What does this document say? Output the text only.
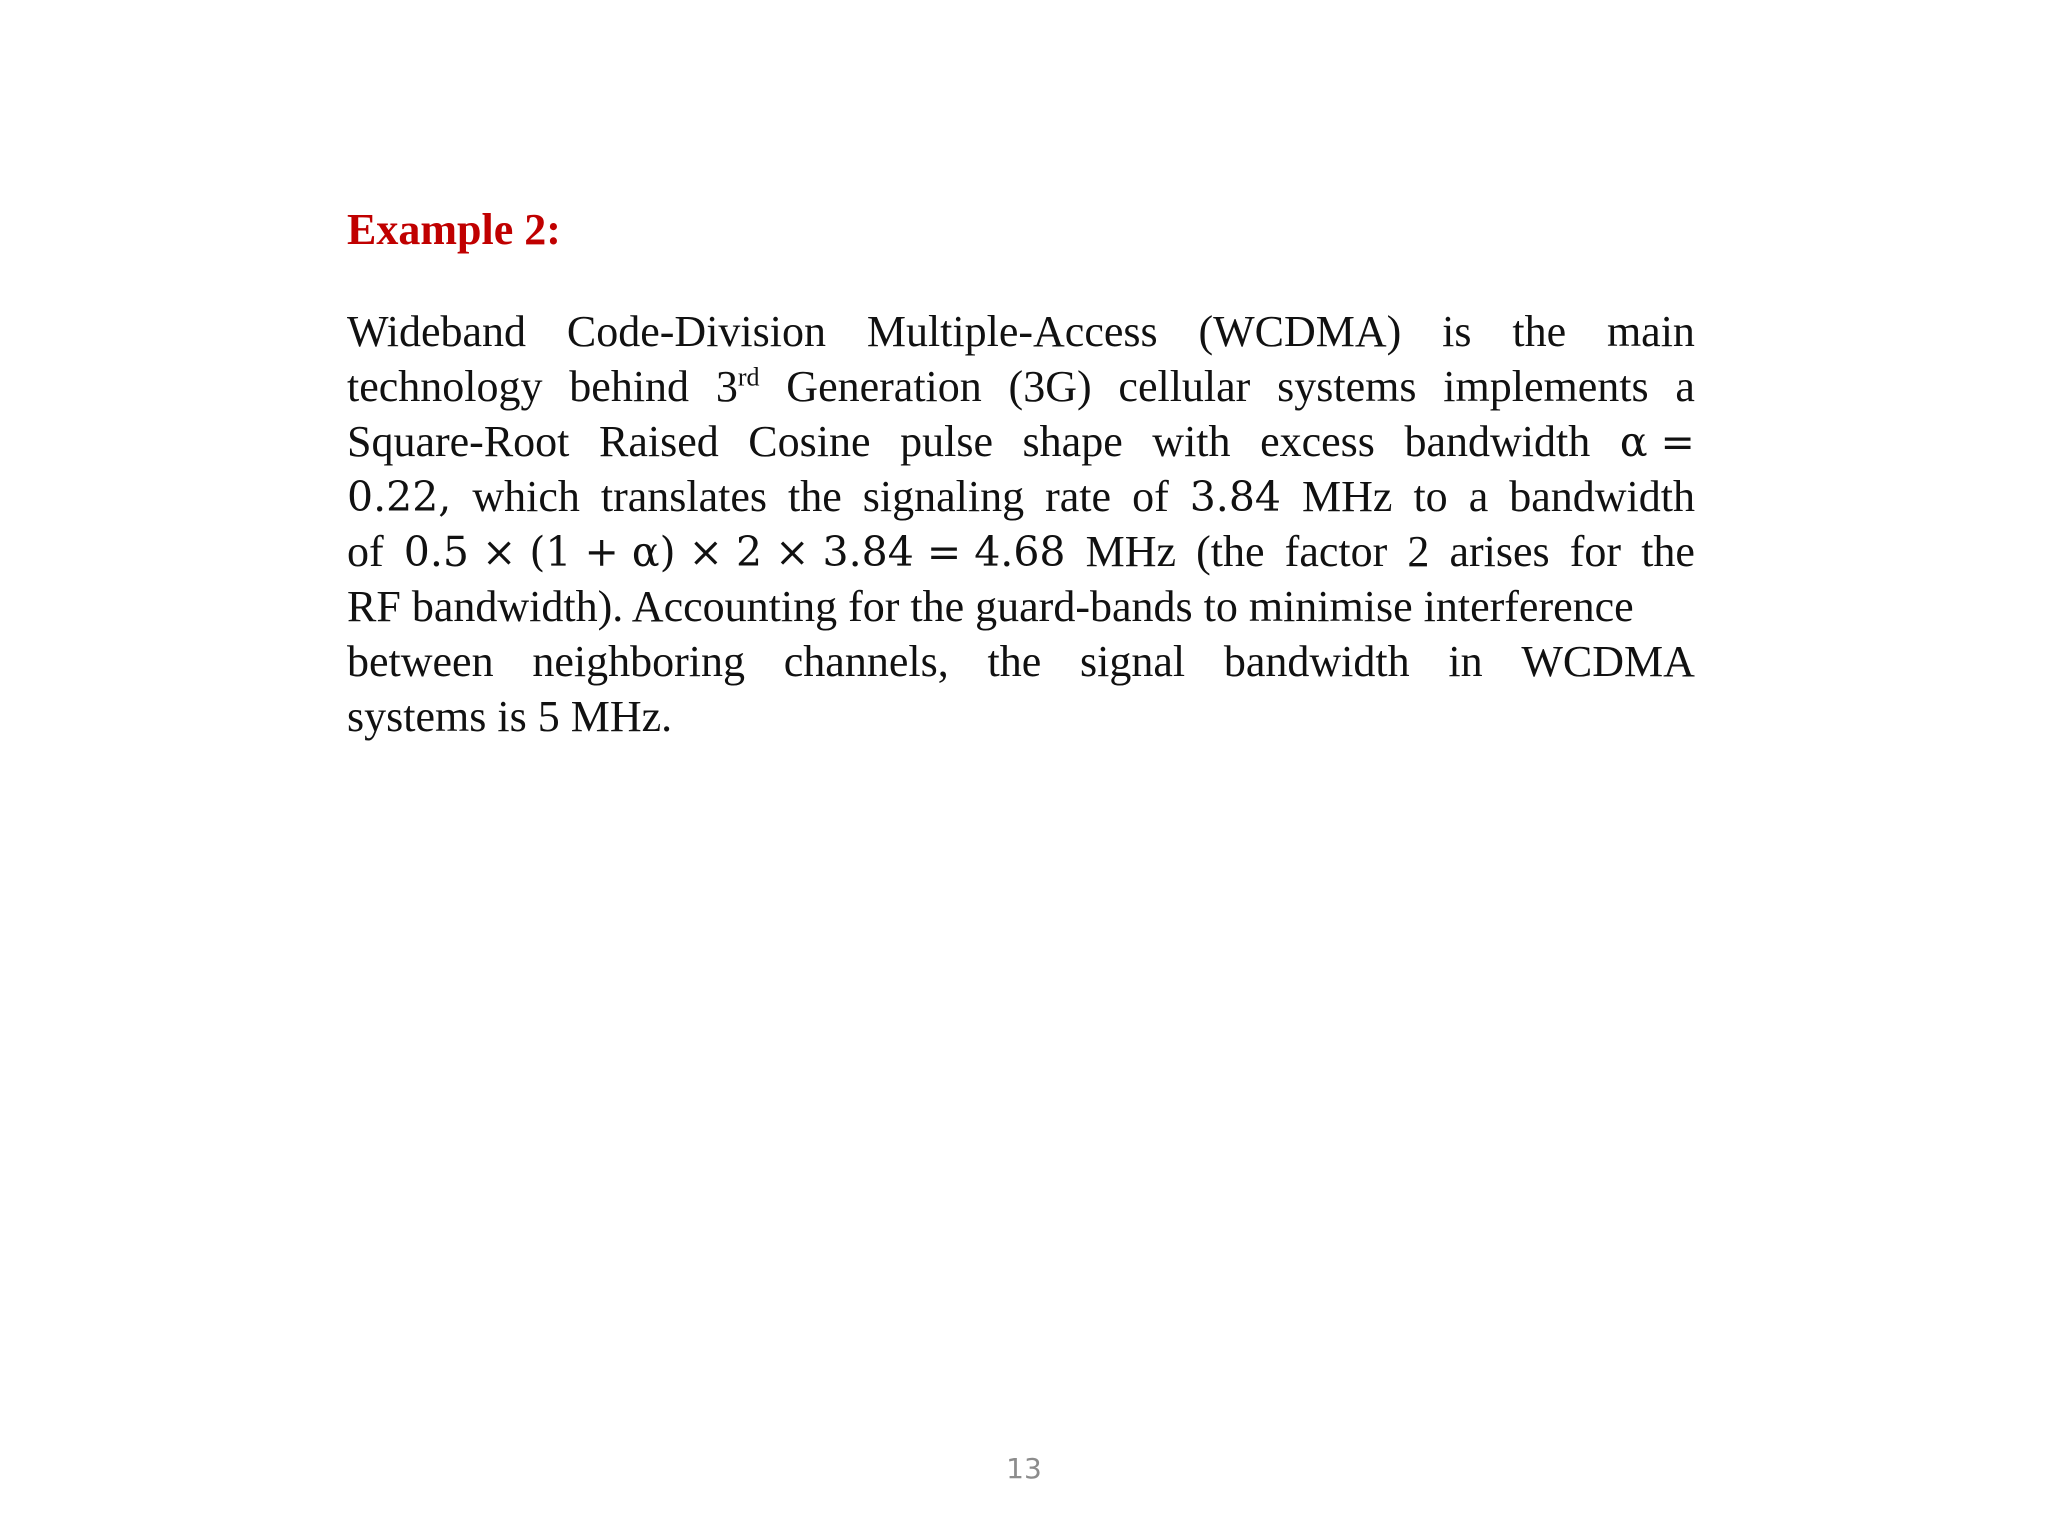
Example 2:
Wideband Code-Division Multiple-Access (WCDMA) is the main
technology behind 3rd Generation (3G) cellular systems implements a
Square-Root Raised Cosine pulse shape with excess bandwidth α =
0.22, which translates the signaling rate of 3.84 MHz to a bandwidth
of 0.5 × (1 + α) × 2 × 3.84 = 4.68 MHz (the factor 2 arises for the
RF bandwidth). Accounting for the guard-bands to minimise interference
between neighboring channels, the signal bandwidth in WCDMA
systems is 5 MHz.
13
